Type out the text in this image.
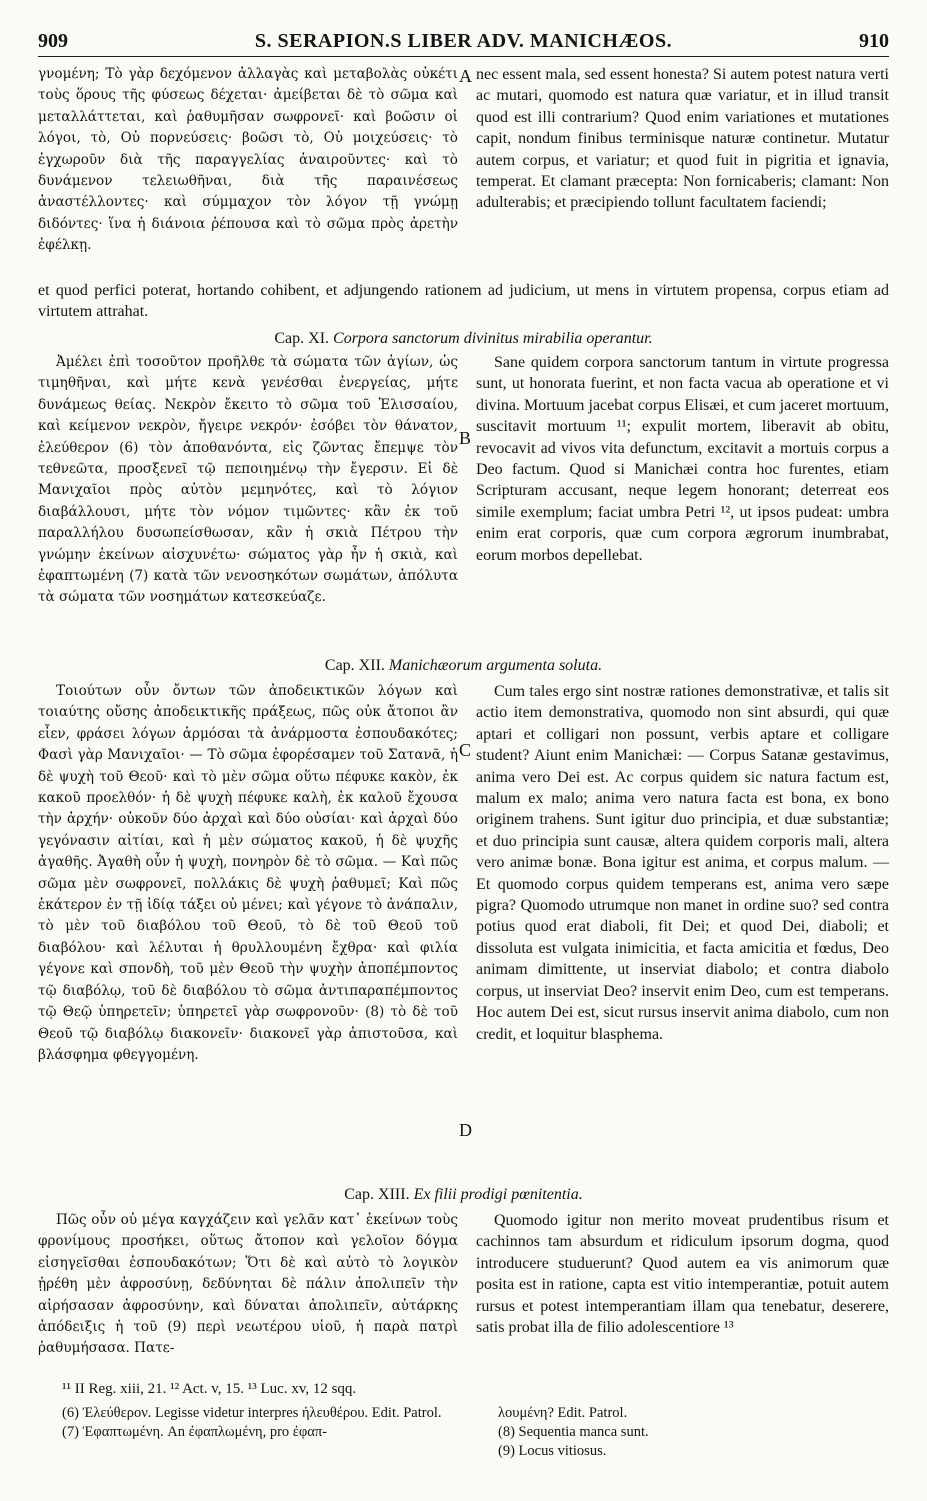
909	S. SERAPION.S LIBER ADV. MANICHÆOS.	910

γνομένη; Τὸ γὰρ δεχόμενον ἀλλαγὰς καὶ μεταβολὰς οὐκέτι τοὺς ὅρους τῆς φύσεως δέχεται· ἀμείβεται δὲ τὸ σῶμα καὶ μεταλλάττεται, καὶ ῥαθυμῆσαν σωφρονεῖ· καὶ βοῶσιν οἱ λόγοι, τὸ, Οὐ πορνεύσεις· βοῶσι τὸ, Οὐ μοιχεύσεις· τὸ ἐγχωροῦν διὰ τῆς παραγγελίας ἀναιροῦντες· καὶ τὸ δυνάμενον τελειωθῆναι, διὰ τῆς παραινέσεως ἀναστέλλοντες· καὶ σύμμαχον τὸν λόγον τῇ γνώμῃ διδόντες· ἵνα ἡ διάνοια ῥέπουσα καὶ τὸ σῶμα πρὸς ἀρετὴν ἐφέλκῃ.

A nec essent mala, sed essent honesta? Si autem potest natura verti ac mutari, quomodo est natura quæ variatur, et in illud transit quod est illi contrarium? Quod enim variationes et mutationes capit, nondum finibus terminisque naturæ continetur. Mutatur autem corpus, et variatur; et quod fuit in pigritia et ignavia, temperat. Et clamant præcepta: Non fornicaberis; clamant: Non adulterabis; et præcipiendo tollunt facultatem faciendi;

et quod perfici poterat, hortando cohibent, et adjungendo rationem ad judicium, ut mens in virtutem propensa, corpus etiam ad virtutem attrahat.

Cap. XI. Corpora sanctorum divinitus mirabilia operantur.

Ἀμέλει ἐπὶ τοσοῦτον προῆλθε τὰ σώματα τῶν ἁγίων, ὡς τιμηθῆναι, καὶ μήτε κενὰ γενέσθαι ἐνεργείας, μήτε δυνάμεως θείας. Νεκρὸν ἔκειτο τὸ σῶμα τοῦ Ἐλισσαίου, καὶ κείμενον νεκρὸν, ἤγειρε νεκρόν· ἐσόβει τὸν θάνατον, ἐλεύθερον (6) τὸν ἀποθανόντα, εἰς ζῶντας ἔπεμψε τὸν τεθνεῶτα, προσξενεῖ τῷ πεποιημένῳ τὴν ἔγερσιν. Εἰ δὲ Μανιχαῖοι πρὸς αὐτὸν μεμηνότες, καὶ τὸ λόγιον διαβάλλουσι, μήτε τὸν νόμον τιμῶντες· κἂν ἐκ τοῦ παραλλήλου δυσωπείσθωσαν, κἂν ἡ σκιὰ Πέτρου τὴν γνώμην ἐκείνων αἰσχυνέτω· σώματος γὰρ ἦν ἡ σκιὰ, καὶ ἐφαπτωμένη (7) κατὰ τῶν νενοσηκότων σωμάτων, ἀπόλυτα τὰ σώματα τῶν νοσημάτων κατεσκεύαζε.

B

Sane quidem corpora sanctorum tantum in virtute progressa sunt, ut honorata fuerint, et non facta vacua ab operatione et vi divina. Mortuum jacebat corpus Elisæi, et cum jaceret mortuum, suscitavit mortuum ¹¹; expulit mortem, liberavit ab obitu, revocavit ad vivos vita defunctum, excitavit a mortuis corpus a Deo factum. Quod si Manichæi contra hoc furentes, etiam Scripturam accusant, neque legem honorant; deterreat eos simile exemplum; faciat umbra Petri ¹², ut ipsos pudeat: umbra enim erat corporis, quæ cum corpora ægrorum inumbrabat, eorum morbos depellebat.

Cap. XII. Manichæorum argumenta soluta.

Τοιούτων οὖν ὄντων τῶν ἀποδεικτικῶν λόγων καὶ τοιαύτης οὔσης ἀποδεικτικῆς πράξεως, πῶς οὐκ ἄτοποι ἂν εἶεν, φράσει λόγων ἁρμόσαι τὰ ἀνάρμοστα ἐσπουδακότες; Φασὶ γὰρ Μανιχαῖοι· — Τὸ σῶμα ἐφορέσαμεν τοῦ Σατανᾶ, ἡ δὲ ψυχὴ τοῦ Θεοῦ· καὶ τὸ μὲν σῶμα οὕτω πέφυκε κακὸν, ἐκ κακοῦ προελθόν· ἡ δὲ ψυχὴ πέφυκε καλὴ, ἐκ καλοῦ ἔχουσα τὴν ἀρχήν· οὐκοῦν δύο ἀρχαὶ καὶ δύο οὐσίαι· καὶ ἀρχαὶ δύο γεγόνασιν αἰτίαι, καὶ ἡ μὲν σώματος κακοῦ, ἡ δὲ ψυχῆς ἀγαθῆς. Ἀγαθὴ οὖν ἡ ψυχὴ, πονηρὸν δὲ τὸ σῶμα. — Καὶ πῶς σῶμα μὲν σωφρονεῖ, πολλάκις δὲ ψυχὴ ῥαθυμεῖ; Καὶ πῶς ἑκάτερον ἐν τῇ ἰδίᾳ τάξει οὐ μένει; καὶ γέγονε τὸ ἀνάπαλιν, τὸ μὲν τοῦ διαβόλου τοῦ Θεοῦ, τὸ δὲ τοῦ Θεοῦ τοῦ διαβόλου· καὶ λέλυται ἡ θρυλλουμένη ἔχθρα· καὶ φιλία γέγονε καὶ σπονδὴ, τοῦ μὲν Θεοῦ τὴν ψυχὴν ἀποπέμποντος τῷ διαβόλῳ, τοῦ δὲ διαβόλου τὸ σῶμα ἀντιπαραπέμποντος τῷ Θεῷ ὑπηρετεῖν; ὑπηρετεῖ γὰρ σωφρονοῦν· (8) τὸ δὲ τοῦ Θεοῦ τῷ διαβόλῳ διακονεῖν· διακονεῖ γὰρ ἀπιστοῦσα, καὶ βλάσφημα φθεγγομένη.

C
D

Cum tales ergo sint nostræ rationes demonstrativæ, et talis sit actio item demonstrativa, quomodo non sint absurdi, qui quæ aptari et colligari non possunt, verbis aptare et colligare student? Aiunt enim Manichæi: — Corpus Satanæ gestavimus, anima vero Dei est. Ac corpus quidem sic natura factum est, malum ex malo; anima vero natura facta est bona, ex bono originem trahens. Sunt igitur duo principia, et duæ substantiæ; et duo principia sunt causæ, altera quidem corporis mali, altera vero animæ bonæ. Bona igitur est anima, et corpus malum. — Et quomodo corpus quidem temperans est, anima vero sæpe pigra? Quomodo utrumque non manet in ordine suo? sed contra potius quod erat diaboli, fit Dei; et quod Dei, diaboli; et dissoluta est vulgata inimicitia, et facta amicitia et fœdus, Deo animam dimittente, ut inserviat diabolo; et contra diabolo corpus, ut inserviat Deo? inservit enim Deo, cum est temperans. Hoc autem Dei est, sicut rursus inservit anima diabolo, cum non credit, et loquitur blasphema.

Cap. XIII. Ex filii prodigi pœnitentia.

Πῶς οὖν οὐ μέγα καγχάζειν καὶ γελᾶν κατ᾽ ἐκείνων τοὺς φρονίμους προσήκει, οὕτως ἄτοπον καὶ γελοῖον δόγμα εἰσηγεῖσθαι ἐσπουδακότων; Ὅτι δὲ καὶ αὐτὸ τὸ λογικὸν ᾑρέθη μὲν ἀφροσύνῃ, δεδύνηται δὲ πάλιν ἀπολιπεῖν τὴν αἱρήσασαν ἀφροσύνην, καὶ δύναται ἀπολιπεῖν, αὐτάρκης ἀπόδειξις ἡ τοῦ (9) περὶ νεωτέρου υἱοῦ, ἡ παρὰ πατρὶ ῥαθυμήσασα. Πατε-

Quomodo igitur non merito moveat prudentibus risum et cachinnos tam absurdum et ridiculum ipsorum dogma, quod introducere studuerunt? Quod autem ea vis animorum quæ posita est in ratione, capta est vitio intemperantiæ, potuit autem rursus et potest intemperantiam illam qua tenebatur, deserere, satis probat illa de filio adolescentiore ¹³

¹¹ II Reg. xiii, 21. ¹² Act. v, 15. ¹³ Luc. xv, 12 sqq.
(6) Ἐλεύθερον. Legisse videtur interpres ἠλευθέρου. Edit. Patrol.
(7) Ἐφαπτωμένη. An ἐφαπλωμένη, pro ἐφαπ-
λουμένη? Edit. Patrol.
(8) Sequentia manca sunt.
(9) Locus vitiosus.
